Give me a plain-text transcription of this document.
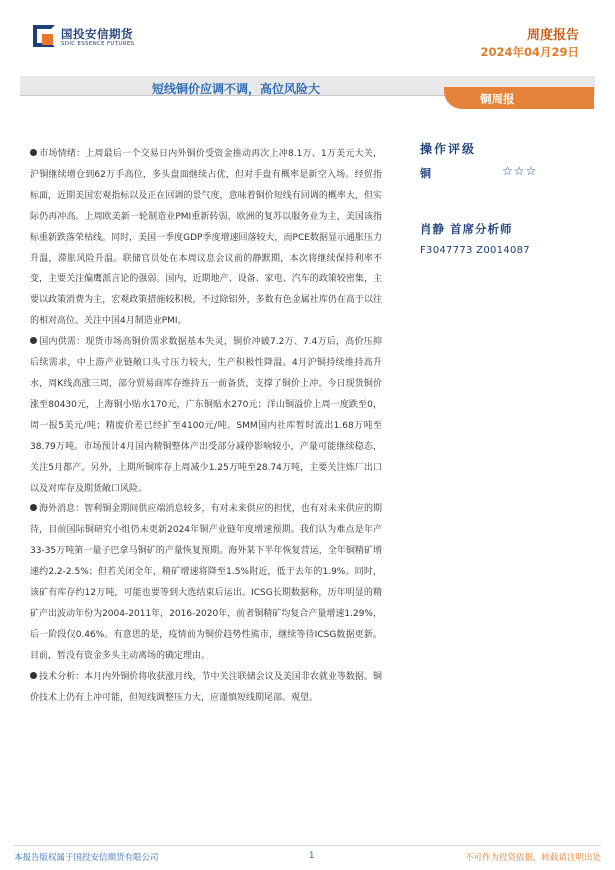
国投安信期货
SDIC ESSENCE FUTURES
周度报告
2024年04月29日
短线铜价应调不调，高位风险大
铜周报

市场情绪：上周最后一个交易日内外铜价受资金推动再次上冲8.1万、1万美元大关，沪铜继续增仓到62万手高位，多头盘面继续占优，但对手盘有概率是新空入场。经贸指标面，近期美国宏观指标以及正在回调的景气度，意味着铜价短线有回调的概率大，但实际仍再冲高。上周欧美新一轮制造业PMI重新转弱，欧洲的复苏以服务业为主，美国该指标重新跌落荣枯线。同时，美国一季度GDP季度增速回落较大，而PCE数据显示通胀压力升温，滞胀风险升温。联储官员处在本周议息会议前的静默期，本次将继续保持利率不变，主要关注偏鹰派言论的强弱。国内，近期地产、设备、家电、汽车的政策较密集，主要以政策消费为主，宏观政策措施较积极，不过除铝外，多数有色金属社库仍在高于以往的相对高位。关注中国4月制造业PMI。

国内供需：现货市场高铜价需求数据基本失灵，铜价冲破7.2万、7.4万后，高价压抑后续需求，中上游产业链敞口头寸压力较大，生产积极性降温。4月沪铜持续维持高升水，周K线高涨三周，部分贸易商库存维持五一前备货，支撑了铜价上冲。今日现货铜价涨至80430元，上海铜小贴水170元，广东铜贴水270元；洋山铜溢价上周一度跌至0，周一报5美元/吨；精废价差已经扩至4100元/吨。SMM国内社库暂时流出1.68万吨至38.79万吨。市场预计4月国内精铜整体产出受部分减停影响较小，产量可能继续稳态，关注5月都产。另外，上期所铜库存上周减少1.25万吨至28.74万吨，主要关注炼厂出口以及对库存及期货敞口风险。

海外消息：智利铜金期间供应端消息较多，有对未来供应的担忧，也有对未来供应的期待，目前国际铜研究小组仍未更新2024年铜产业链年度增速预期。我们认为难点是年产33-35万吨第一量子巴拿马铜矿的产量恢复预期。海外某下半年恢复营运，全年铜精矿增速约2.2-2.5%；但若关闭全年，精矿增速将降至1.5%附近，低于去年的1.9%。同时，该矿有库存约12万吨，可能也要等到大选结束后运出。ICSG长期数据称，历年明显的精矿产出波动年份为2004-2011年，2016-2020年，前者铜精矿均复合产量增速1.29%，后一阶段仅0.46%。有意思的是，疫情前为铜价趋势性熊市，继续等待ICSG数据更新。目前，暂没有资金多头主动离场的确定理由。

技术分析：本月内外铜价将收获涨月线，节中关注联储会议及美国非农就业等数据。铜价技术上仍有上冲可能，但短线调整压力大，应谨慎短线期尾部。观望。

操作评级
铜	☆☆☆
肖静 首席分析师
F3047773 Z0014087
本报告版权属于国投安信期货有限公司	1	不可作为投资依据，转载请注明出处
